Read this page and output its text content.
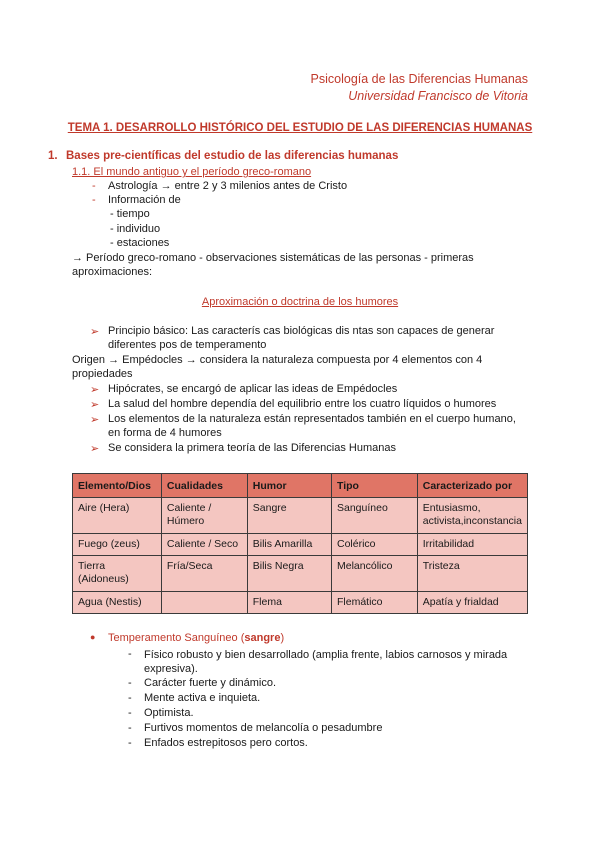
Psicología de las Diferencias Humanas
Universidad Francisco de Vitoria
TEMA 1. DESARROLLO HISTÓRICO DEL ESTUDIO DE LAS DIFERENCIAS HUMANAS
1. Bases pre-científicas del estudio de las diferencias humanas
1.1. El mundo antiguo y el período greco-romano
- Astrología → entre 2 y 3 milenios antes de Cristo
- Información de
- tiempo
- individuo
- estaciones
→ Período greco-romano - observaciones sistemáticas de las personas - primeras
aproximaciones:
Aproximación o doctrina de los humores
➢ Principio básico: Las caracterís cas biológicas dis ntas son capaces de generar
diferentes pos de temperamento
Origen → Empédocles → considera la naturaleza compuesta por 4 elementos con 4
propiedades
➢ Hipócrates, se encargó de aplicar las ideas de Empédocles
➢ La salud del hombre dependía del equilibrio entre los cuatro líquidos o humores
➢ Los elementos de la naturaleza están representados también en el cuerpo humano,
en forma de 4 humores
➢ Se considera la primera teoría de las Diferencias Humanas
Elemento/Dios	Cualidades	Humor	Tipo	Caracterizado por
Aire (Hera)	Caliente / Húmero	Sangre	Sanguíneo	Entusiasmo, activista,inconstancia
Fuego (zeus)	Caliente / Seco	Bilis Amarilla	Colérico	Irritabilidad
Tierra (Aidoneus)	Fría/Seca	Bilis Negra	Melancólico	Tristeza
Agua (Nestis)		Flema	Flemático	Apatía y frialdad
● Temperamento Sanguíneo (sangre)
- Físico robusto y bien desarrollado (amplia frente, labios carnosos y mirada expresiva).
- Carácter fuerte y dinámico.
- Mente activa e inquieta.
- Optimista.
- Furtivos momentos de melancolía o pesadumbre
- Enfados estrepitosos pero cortos.
